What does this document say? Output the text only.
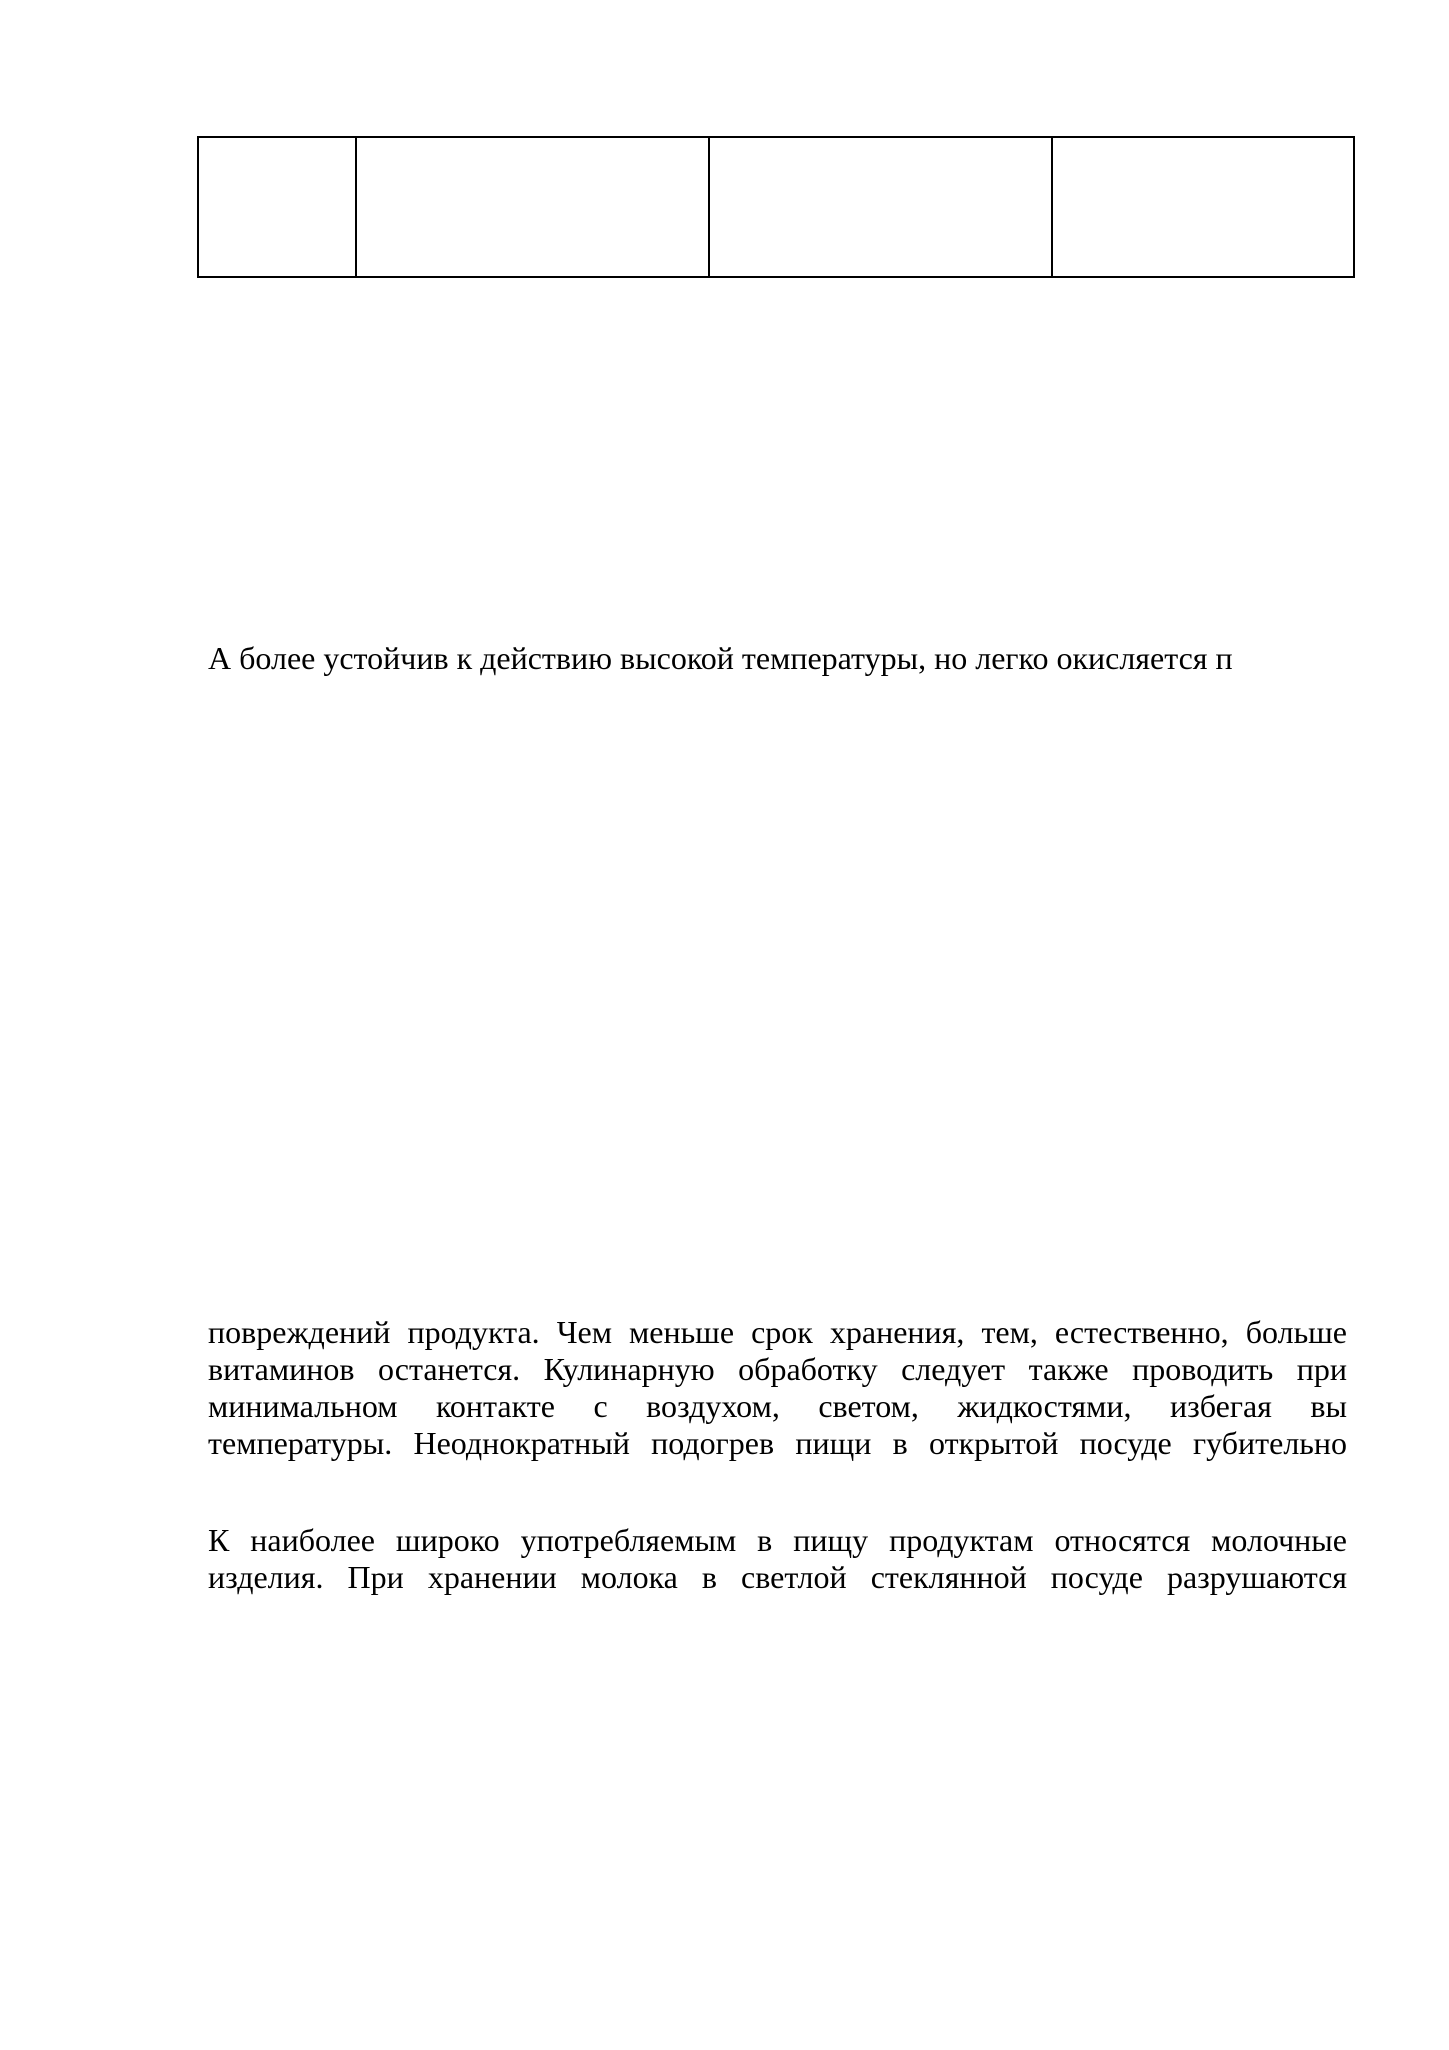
А более устойчив к действию высокой температуры, но легко окисляется п
повреждений продукта. Чем меньше срок хранения, тем, естественно, больше
витаминов останется. Кулинарную обработку следует также проводить при
минимальном контакте с воздухом, светом, жидкостями, избегая вы
температуры. Неоднократный подогрев пищи в открытой посуде губительно
К наиболее широко употребляемым в пищу продуктам относятся молочные
изделия. При хранении молока в светлой стеклянной посуде разрушаются
